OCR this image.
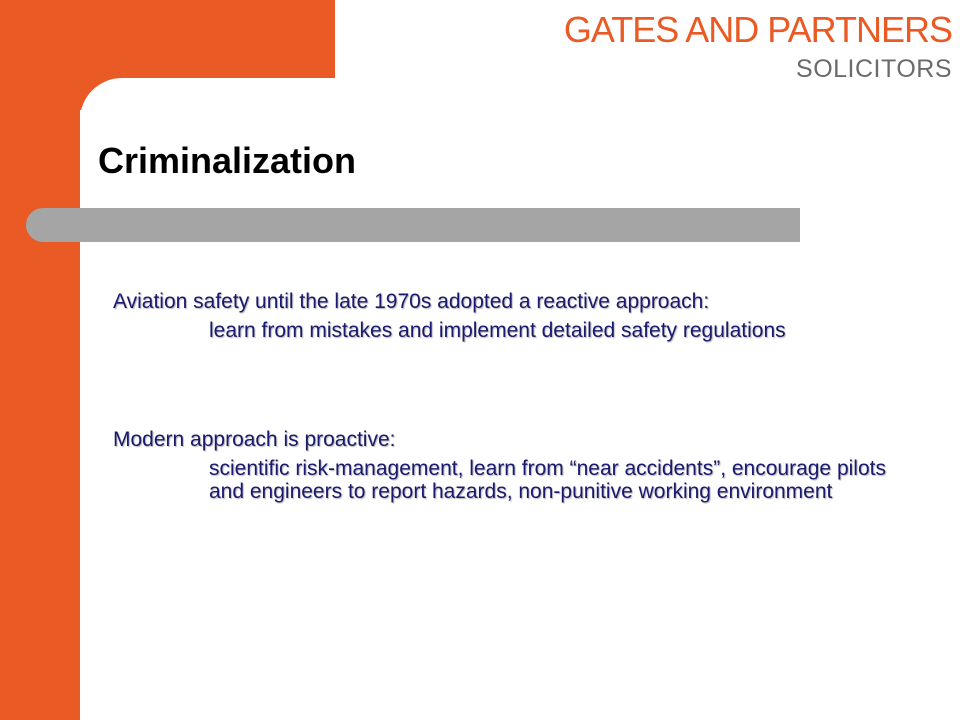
GATES AND PARTNERS
SOLICITORS
Criminalization

Aviation safety until the late 1970s adopted a reactive approach:

learn from mistakes and implement detailed safety regulations

Modern approach is proactive:

scientific risk-management, learn from “near accidents”, encourage pilots and engineers to report hazards, non-punitive working environment
